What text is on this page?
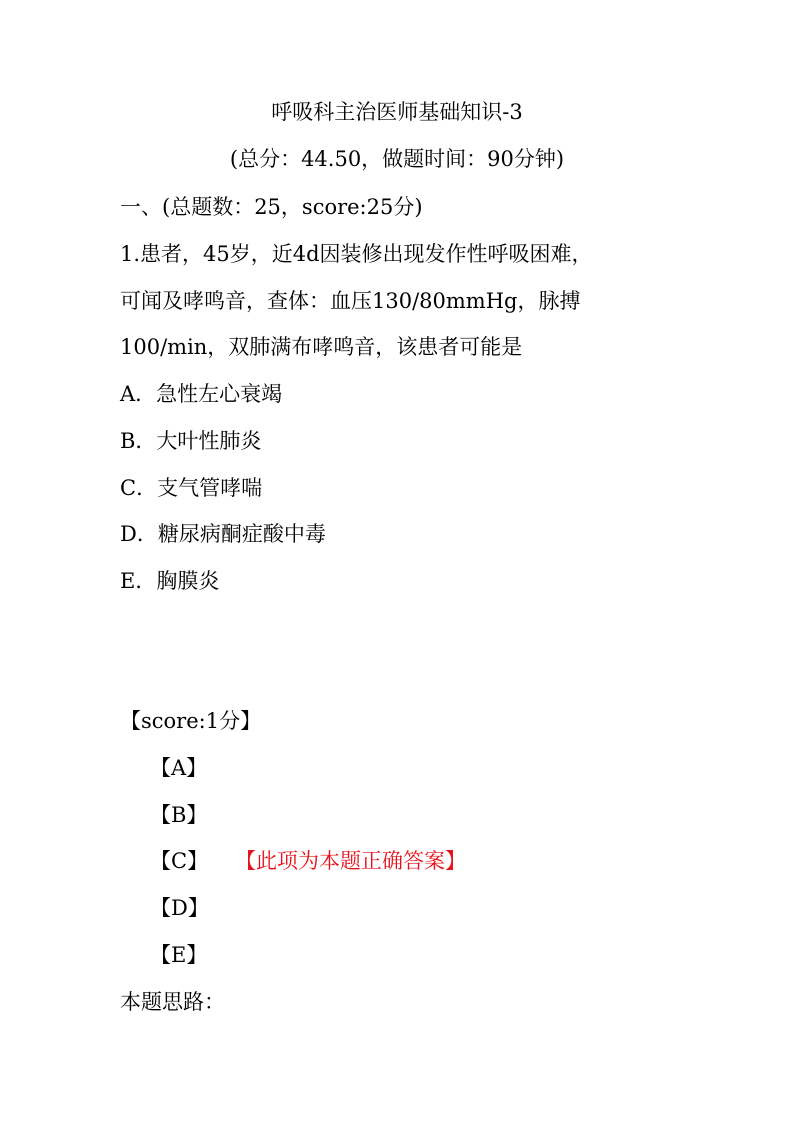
呼吸科主治医师基础知识-3
(总分：44.50，做题时间：90分钟)
一、(总题数：25，score:25分)
1.患者，45岁，近4d因装修出现发作性呼吸困难，
可闻及哮鸣音，查体：血压130/80mmHg，脉搏
100/min，双肺满布哮鸣音，该患者可能是
A．急性左心衰竭
B．大叶性肺炎
C．支气管哮喘
D．糖尿病酮症酸中毒
E．胸膜炎
【score:1分】
【A】
【B】
【C】 【此项为本题正确答案】
【D】
【E】
本题思路：
